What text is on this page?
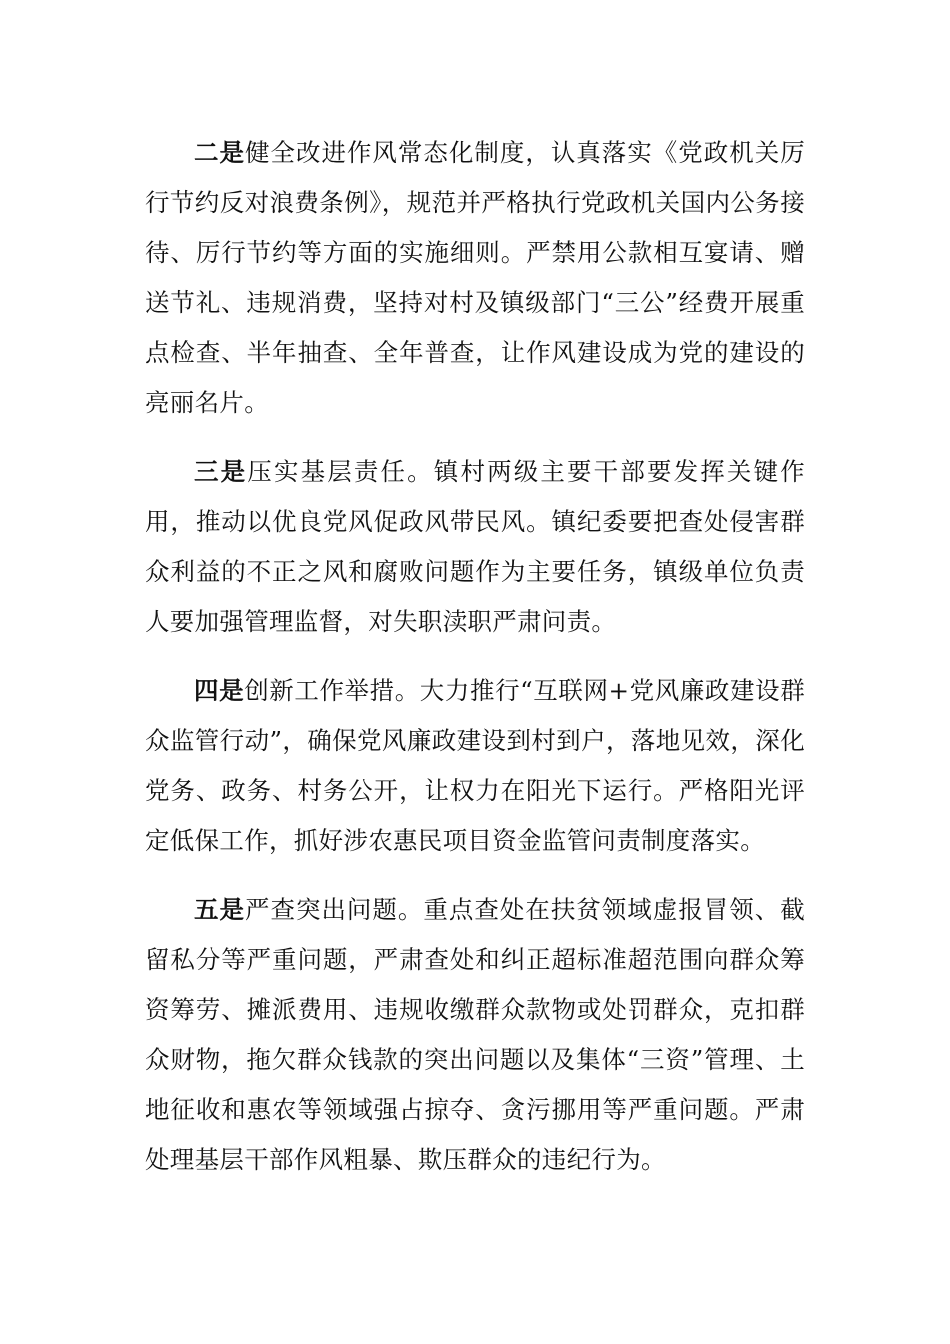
二是健全改进作风常态化制度，认真落实《党政机关厉行节约反对浪费条例》，规范并严格执行党政机关国内公务接待、厉行节约等方面的实施细则。严禁用公款相互宴请、赠送节礼、违规消费，坚持对村及镇级部门“三公”经费开展重点检查、半年抽查、全年普查，让作风建设成为党的建设的亮丽名片。

三是压实基层责任。镇村两级主要干部要发挥关键作用，推动以优良党风促政风带民风。镇纪委要把查处侵害群众利益的不正之风和腐败问题作为主要任务，镇级单位负责人要加强管理监督，对失职渎职严肃问责。

四是创新工作举措。大力推行“互联网+党风廉政建设群众监管行动”，确保党风廉政建设到村到户，落地见效，深化党务、政务、村务公开，让权力在阳光下运行。严格阳光评定低保工作，抓好涉农惠民项目资金监管问责制度落实。

五是严查突出问题。重点查处在扶贫领域虚报冒领、截留私分等严重问题，严肃查处和纠正超标准超范围向群众筹资筹劳、摊派费用、违规收缴群众款物或处罚群众，克扣群众财物，拖欠群众钱款的突出问题以及集体“三资”管理、土地征收和惠农等领域强占掠夺、贪污挪用等严重问题。严肃处理基层干部作风粗暴、欺压群众的违纪行为。
